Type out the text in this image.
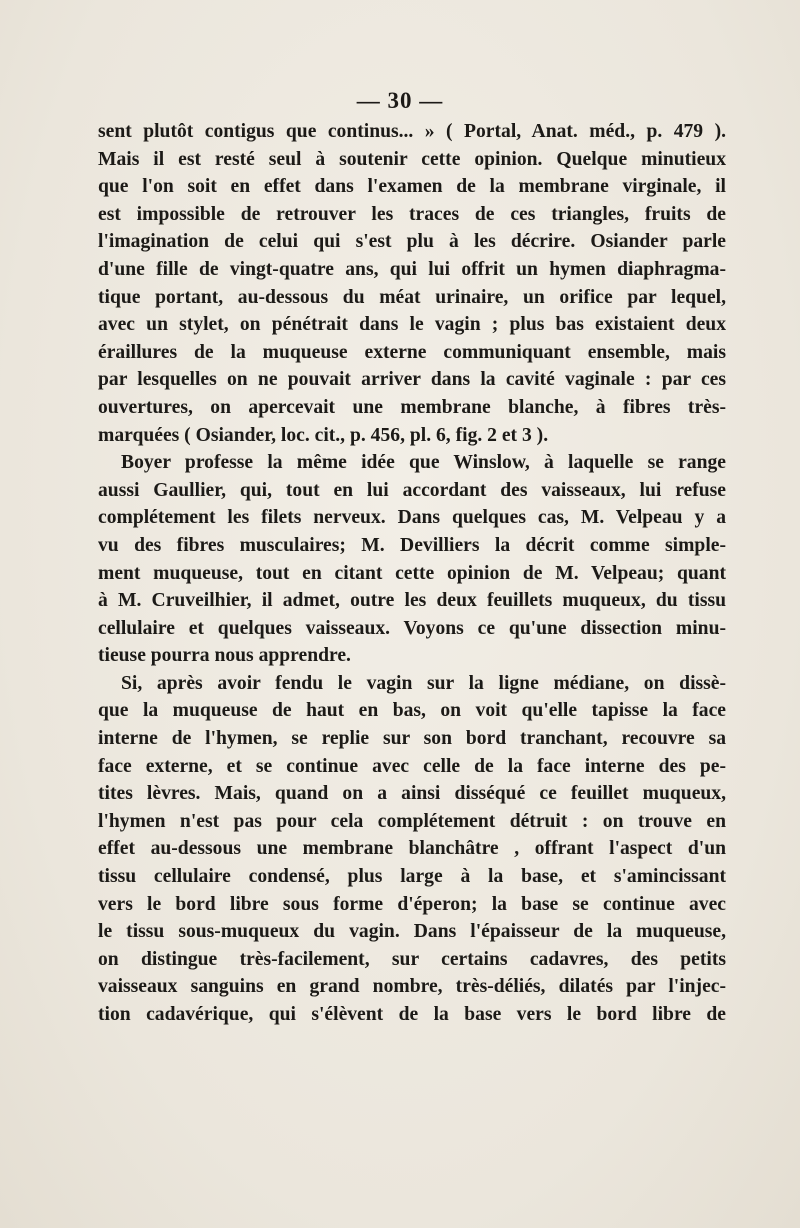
— 30 —
sent plutôt contigus que continus... » ( Portal, Anat. méd., p. 479 ).
Mais il est resté seul à soutenir cette opinion. Quelque minutieux
que l'on soit en effet dans l'examen de la membrane virginale, il
est impossible de retrouver les traces de ces triangles, fruits de
l'imagination de celui qui s'est plu à les décrire. Osiander parle
d'une fille de vingt-quatre ans, qui lui offrit un hymen diaphragma-
tique portant, au-dessous du méat urinaire, un orifice par lequel,
avec un stylet, on pénétrait dans le vagin ; plus bas existaient deux
éraillures de la muqueuse externe communiquant ensemble, mais
par lesquelles on ne pouvait arriver dans la cavité vaginale : par ces
ouvertures, on apercevait une membrane blanche, à fibres très-
marquées ( Osiander, loc. cit., p. 456, pl. 6, fig. 2 et 3 ).
Boyer professe la même idée que Winslow, à laquelle se range
aussi Gaullier, qui, tout en lui accordant des vaisseaux, lui refuse
complétement les filets nerveux. Dans quelques cas, M. Velpeau y a
vu des fibres musculaires; M. Devilliers la décrit comme simple-
ment muqueuse, tout en citant cette opinion de M. Velpeau; quant
à M. Cruveilhier, il admet, outre les deux feuillets muqueux, du tissu
cellulaire et quelques vaisseaux. Voyons ce qu'une dissection minu-
tieuse pourra nous apprendre.
Si, après avoir fendu le vagin sur la ligne médiane, on dissè-
que la muqueuse de haut en bas, on voit qu'elle tapisse la face
interne de l'hymen, se replie sur son bord tranchant, recouvre sa
face externe, et se continue avec celle de la face interne des pe-
tites lèvres. Mais, quand on a ainsi disséqué ce feuillet muqueux,
l'hymen n'est pas pour cela complétement détruit : on trouve en
effet au-dessous une membrane blanchâtre , offrant l'aspect d'un
tissu cellulaire condensé, plus large à la base, et s'amincissant
vers le bord libre sous forme d'éperon; la base se continue avec
le tissu sous-muqueux du vagin. Dans l'épaisseur de la muqueuse,
on distingue très-facilement, sur certains cadavres, des petits
vaisseaux sanguins en grand nombre, très-déliés, dilatés par l'injec-
tion cadavérique, qui s'élèvent de la base vers le bord libre de
